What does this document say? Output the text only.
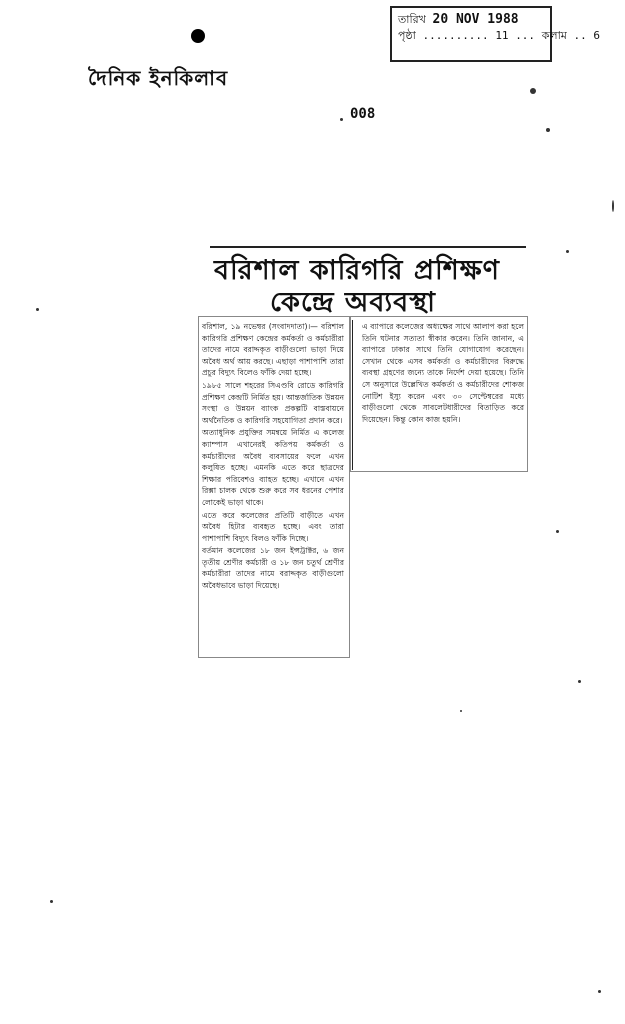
তারিখ 20 NOV 1988
পৃষ্ঠা .......... 11 ... কলাম .. 6
দৈনিক ইনকিলাব
008
বরিশাল কারিগরি প্রশিক্ষণ
কেন্দ্রে অব্যবস্থা

বরিশাল, ১৯ নভেম্বর (সংবাদদাতা)।— বরিশাল কারিগরি প্রশিক্ষণ কেন্দ্রের কর্মকর্তা ও কর্মচারীরা তাদের নামে বরাদ্দকৃত বাড়ীগুলো ভাড়া দিয়ে অবৈধ অর্থ আয় করছে। এছাড়া পাশাপাশি তারা প্রচুর বিদ্যুৎ বিলেও ফাঁকি দেয়া হচ্ছে।

১৯৮৫ সালে শহরের সিএণ্ডবি রোডে কারিগরি প্রশিক্ষণ কেন্দ্রটি নির্মিত হয়। আন্তর্জাতিক উন্নয়ন সংস্থা ও উন্নয়ন ব্যাংক প্রকল্পটি বাস্তবায়নে অর্থনৈতিক ও কারিগরি সহযোগিতা প্রদান করে।

অত্যাধুনিক প্রযুক্তির সমন্বয়ে নির্মিত এ কলেজ ক্যাম্পাস এখানেরই কতিপয় কর্মকর্তা ও কর্মচারীদের অবৈধ ব্যবসায়ের ফলে এখন কলুষিত হচ্ছে। এমনকি এতে করে ছাত্রদের শিক্ষার পরিবেশও ব্যাহত হচ্ছে। এখানে এখন রিক্সা চালক থেকে শুরু করে সব ধরনের পেশার লোকেই ভাড়া থাকে।

এতে করে কলেজের প্রতিটি বাড়ীতে এখন অবৈধ হিটার ব্যবহৃত হচ্ছে। এবং তারা পাশাপাশি বিদ্যুৎ বিলও ফাঁকি দিচ্ছে।

বর্তমান কলেজের ১৮ জন ইন্সট্রাক্টর, ৬ জন তৃতীয় শ্রেণীর কর্মচারী ও ১৮ জন চতুর্থ শ্রেণীর কর্মচারীরা তাদের নামে বরাদ্দকৃত বাড়ীগুলো অবৈধভাবে ভাড়া দিয়েছে।

এ ব্যাপারে কলেজের অধ্যক্ষের সাথে আলাপ করা হলে তিনি ঘটনার সত্যতা স্বীকার করেন। তিনি জানান, এ ব্যাপারে ঢাকার সাথে তিনি যোগাযোগ করেছেন। সেখান থেকে এসব কর্মকর্তা ও কর্মচারীদের বিরুদ্ধে ব্যবস্থা গ্রহণের জন্যে তাকে নির্দেশ দেয়া হয়েছে। তিনি সে অনুসারে উল্লেখিত কর্মকর্তা ও কর্মচারীদের শোকজ নোটিশ ইস্যু করেন এবং ৩০ সেপ্টেম্বরের মধ্যে বাড়ীগুলো থেকে সাবলেটধারীদের বিতাড়িত করে দিয়েছেন। কিন্তু কোন কাজ হয়নি।
